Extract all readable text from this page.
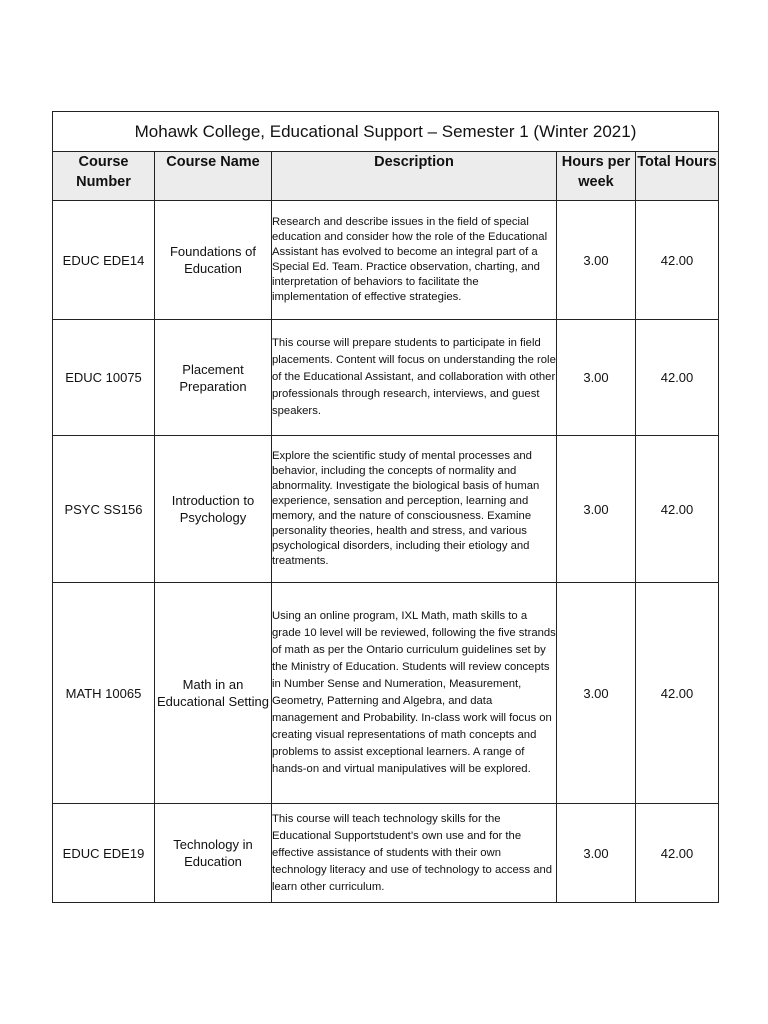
Mohawk College, Educational Support – Semester 1 (Winter 2021)				
Course Number	Course Name	Description	Hours per week	Total Hours
EDUC EDE14	Foundations of Education	Research and describe issues in the field of special education and consider how the role of the Educational Assistant has evolved to become an integral part of a Special Ed. Team. Practice observation, charting, and interpretation of behaviors to facilitate the implementation of effective strategies.	3.00	42.00
EDUC 10075	Placement Preparation	This course will prepare students to participate in field placements. Content will focus on understanding the role of the Educational Assistant, and collaboration with other professionals through research, interviews, and guest speakers.	3.00	42.00
PSYC SS156	Introduction to Psychology	Explore the scientific study of mental processes and behavior, including the concepts of normality and abnormality. Investigate the biological basis of human experience, sensation and perception, learning and memory, and the nature of consciousness. Examine personality theories, health and stress, and various psychological disorders, including their etiology and treatments.	3.00	42.00
MATH 10065	Math in an Educational Setting	Using an online program, IXL Math, math skills to a grade 10 level will be reviewed, following the five strands of math as per the Ontario curriculum guidelines set by the Ministry of Education. Students will review concepts in Number Sense and Numeration, Measurement, Geometry, Patterning and Algebra, and data management and Probability. In-class work will focus on creating visual representations of math concepts and problems to assist exceptional learners. A range of hands-on and virtual manipulatives will be explored.	3.00	42.00
EDUC EDE19	Technology in Education	This course will teach technology skills for the Educational Supportstudent’s own use and for the effective assistance of students with their own technology literacy and use of technology to access and learn other curriculum.	3.00	42.00
